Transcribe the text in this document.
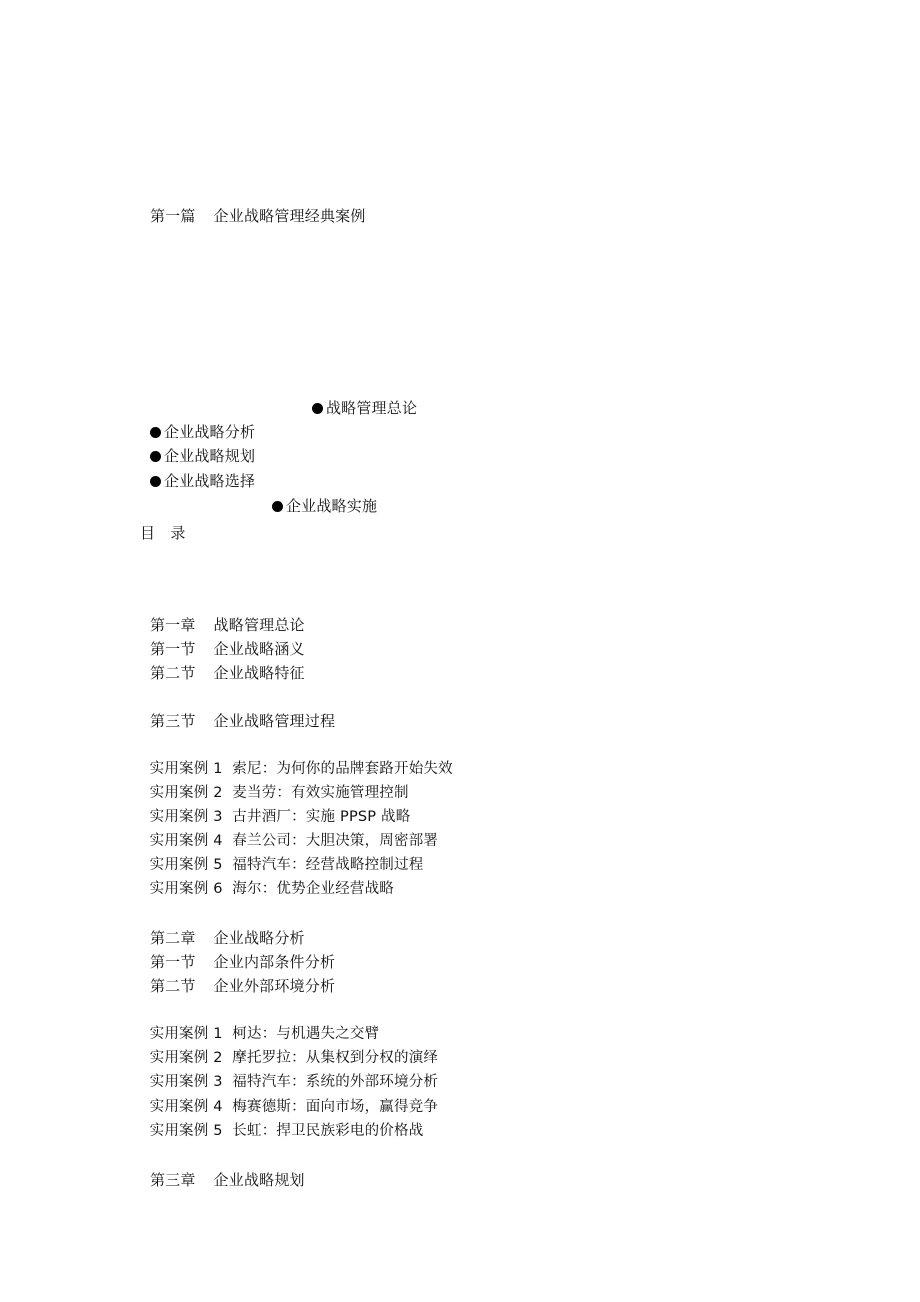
第一篇 企业战略管理经典案例

战略管理总论

企业战略分析

企业战略规划

企业战略选择

企业战略实施

目　录

第一章 战略管理总论

第一节 企业战略涵义

第二节 企业战略特征

第三节 企业战略管理过程

实用案例 1 索尼：为何你的品牌套路开始失效

实用案例 2 麦当劳：有效实施管理控制

实用案例 3 古井酒厂：实施 PPSP 战略

实用案例 4 春兰公司：大胆决策，周密部署

实用案例 5 福特汽车：经营战略控制过程

实用案例 6 海尔：优势企业经营战略

第二章 企业战略分析

第一节 企业内部条件分析

第二节 企业外部环境分析

实用案例 1 柯达：与机遇失之交臂

实用案例 2 摩托罗拉：从集权到分权的演绎

实用案例 3 福特汽车：系统的外部环境分析

实用案例 4 梅赛德斯：面向市场，赢得竞争

实用案例 5 长虹：捍卫民族彩电的价格战

第三章 企业战略规划
